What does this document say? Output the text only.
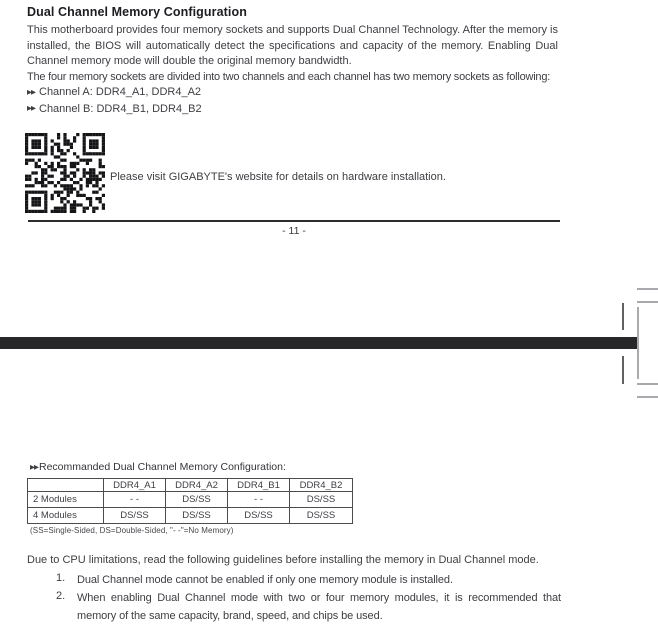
Dual Channel Memory Configuration

This motherboard provides four memory sockets and supports Dual Channel Technology. After the memory is installed, the BIOS will automatically detect the specifications and capacity of the memory. Enabling Dual Channel memory mode will double the original memory bandwidth.

The four memory sockets are divided into two channels and each channel has two memory sockets as following:

▶▶ Channel A: DDR4_A1, DDR4_A2

▶▶ Channel B: DDR4_B1, DDR4_B2

Please visit GIGABYTE's website for details on hardware installation.
- 11 -
▶▶Recommanded Dual Channel Memory Configuration:
	DDR4_A1	DDR4_A2	DDR4_B1	DDR4_B2
2 Modules	- -	DS/SS	- -	DS/SS
4 Modules	DS/SS	DS/SS	DS/SS	DS/SS
(SS=Single-Sided, DS=Double-Sided, "- -"=No Memory)
Due to CPU limitations, read the following guidelines before installing the memory in Dual Channel mode.
1.	Dual Channel mode cannot be enabled if only one memory module is installed.
2.	When enabling Dual Channel mode with two or four memory modules, it is recommended that memory of the same capacity, brand, speed, and chips be used.
